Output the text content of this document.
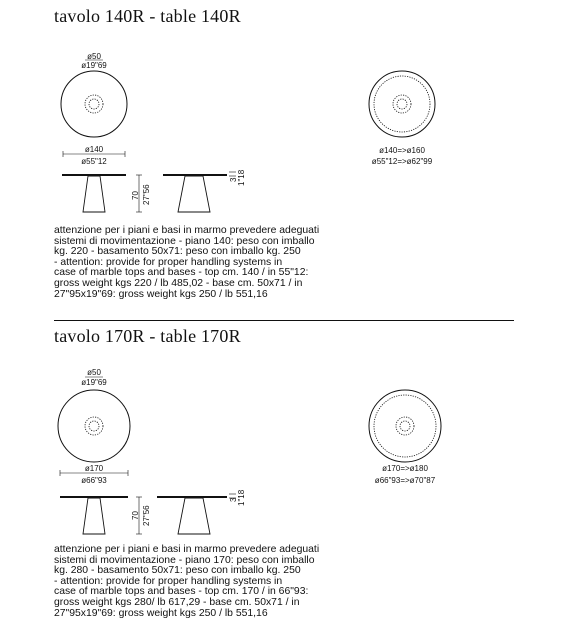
tavolo 140R - table 140R
ø50
ø19"69
ø140
ø55"12
ø140=>ø160
ø55"12=>ø62"99
70 27"56
3 1"18
attenzione per i piani e basi in marmo prevedere adeguati
sistemi di movimentazione - piano 140: peso con imballo
kg. 220 - basamento 50x71: peso con imballo kg. 250
- attention: provide for proper handling systems in
case of marble tops and bases - top cm. 140 / in 55"12:
gross weight kgs 220 / lb 485,02 - base cm. 50x71 / in
27"95x19"69: gross weight kgs 250 / lb 551,16
tavolo 170R - table 170R
ø50
ø19"69
ø170
ø66"93
ø170=>ø180
ø66"93=>ø70"87
70 27"56
3 1"18
attenzione per i piani e basi in marmo prevedere adeguati
sistemi di movimentazione - piano 170: peso con imballo
kg. 280 - basamento 50x71: peso con imballo kg. 250
- attention: provide for proper handling systems in
case of marble tops and bases - top cm. 170 / in 66"93:
gross weight kgs 280/ lb 617,29 - base cm. 50x71 / in
27"95x19"69: gross weight kgs 250 / lb 551,16
